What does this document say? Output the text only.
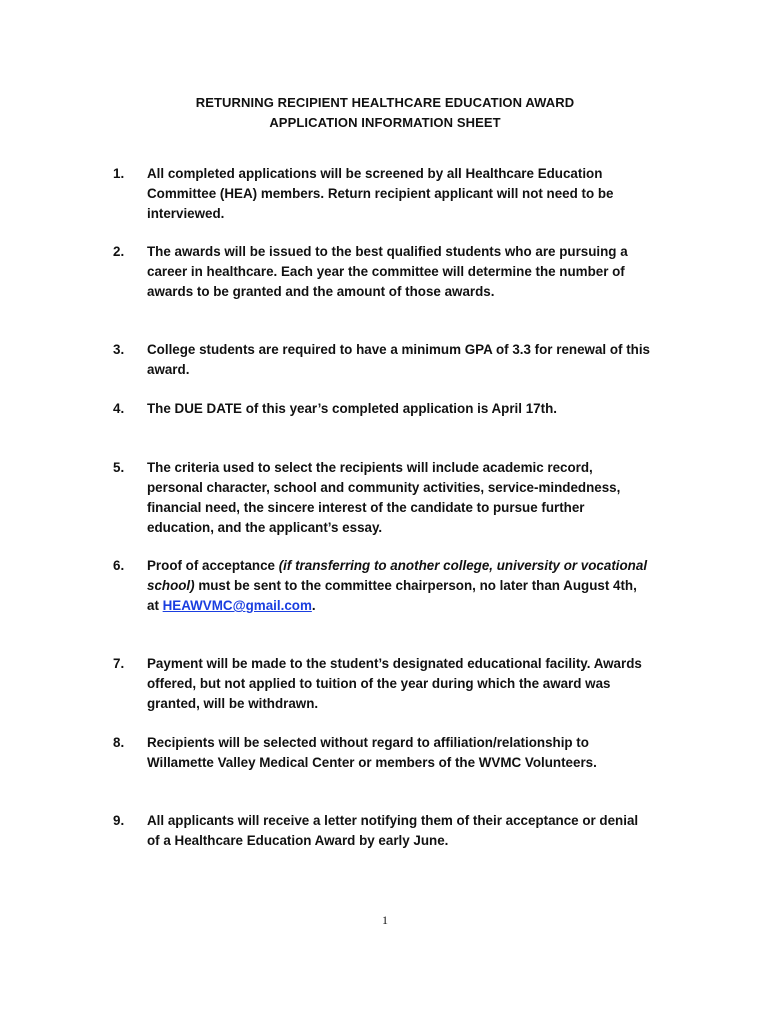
RETURNING RECIPIENT HEALTHCARE EDUCATION AWARD
APPLICATION INFORMATION SHEET
1. All completed applications will be screened by all Healthcare Education
Committee (HEA) members. Return recipient applicant will not need to be
interviewed.
2. The awards will be issued to the best qualified students who are pursuing a
career in healthcare. Each year the committee will determine the number of
awards to be granted and the amount of those awards.
3. College students are required to have a minimum GPA of 3.3 for renewal of this
award.
4. The DUE DATE of this year’s completed application is April 17th.
5. The criteria used to select the recipients will include academic record,
personal character, school and community activities, service-mindedness,
financial need, the sincere interest of the candidate to pursue further
education, and the applicant’s essay.
6. Proof of acceptance (if transferring to another college, university or vocational
school) must be sent to the committee chairperson, no later than August 4th,
at HEAWVMC@gmail.com.
7. Payment will be made to the student’s designated educational facility. Awards
offered, but not applied to tuition of the year during which the award was
granted, will be withdrawn.
8. Recipients will be selected without regard to affiliation/relationship to
Willamette Valley Medical Center or members of the WVMC Volunteers.
9. All applicants will receive a letter notifying them of their acceptance or denial
of a Healthcare Education Award by early June.
1
